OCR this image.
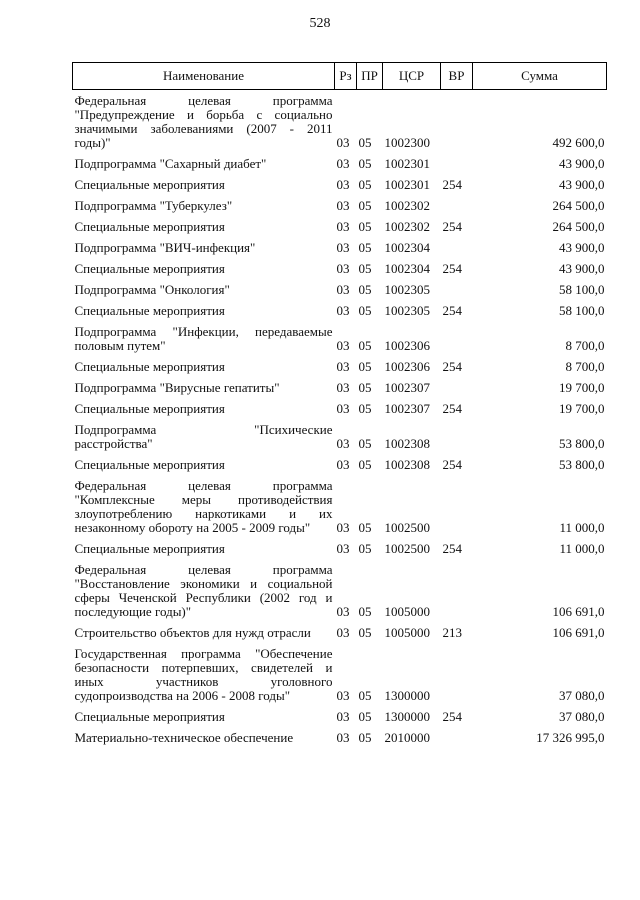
528
Наименование	Рз	ПР	ЦСР	ВР	Сумма

Федеральная целевая программа
"Предупреждение и борьба с социально
значимыми заболеваниями (2007 - 2011
годы)"	03	05	1002300		492 600,0

Подпрограмма "Сахарный диабет"	03	05	1002301		43 900,0

Специальные мероприятия	03	05	1002301	254	43 900,0

Подпрограмма "Туберкулез"	03	05	1002302		264 500,0

Специальные мероприятия	03	05	1002302	254	264 500,0

Подпрограмма "ВИЧ-инфекция"	03	05	1002304		43 900,0

Специальные мероприятия	03	05	1002304	254	43 900,0

Подпрограмма "Онкология"	03	05	1002305		58 100,0

Специальные мероприятия	03	05	1002305	254	58 100,0

Подпрограмма "Инфекции, передаваемые
половым путем"	03	05	1002306		8 700,0

Специальные мероприятия	03	05	1002306	254	8 700,0

Подпрограмма "Вирусные гепатиты"	03	05	1002307		19 700,0

Специальные мероприятия	03	05	1002307	254	19 700,0

Подпрограмма "Психические
расстройства"	03	05	1002308		53 800,0

Специальные мероприятия	03	05	1002308	254	53 800,0

Федеральная целевая программа
"Комплексные меры противодействия
злоупотреблению наркотиками и их
незаконному обороту на 2005 - 2009 годы"	03	05	1002500		11 000,0

Специальные мероприятия	03	05	1002500	254	11 000,0

Федеральная целевая программа
"Восстановление экономики и социальной
сферы Чеченской Республики (2002 год и
последующие годы)"	03	05	1005000		106 691,0

Строительство объектов для нужд отрасли	03	05	1005000	213	106 691,0

Государственная программа "Обеспечение
безопасности потерпевших, свидетелей и
иных участников уголовного
судопроизводства на 2006 - 2008 годы"	03	05	1300000		37 080,0

Специальные мероприятия	03	05	1300000	254	37 080,0

Материально-техническое обеспечение	03	05	2010000		17 326 995,0
